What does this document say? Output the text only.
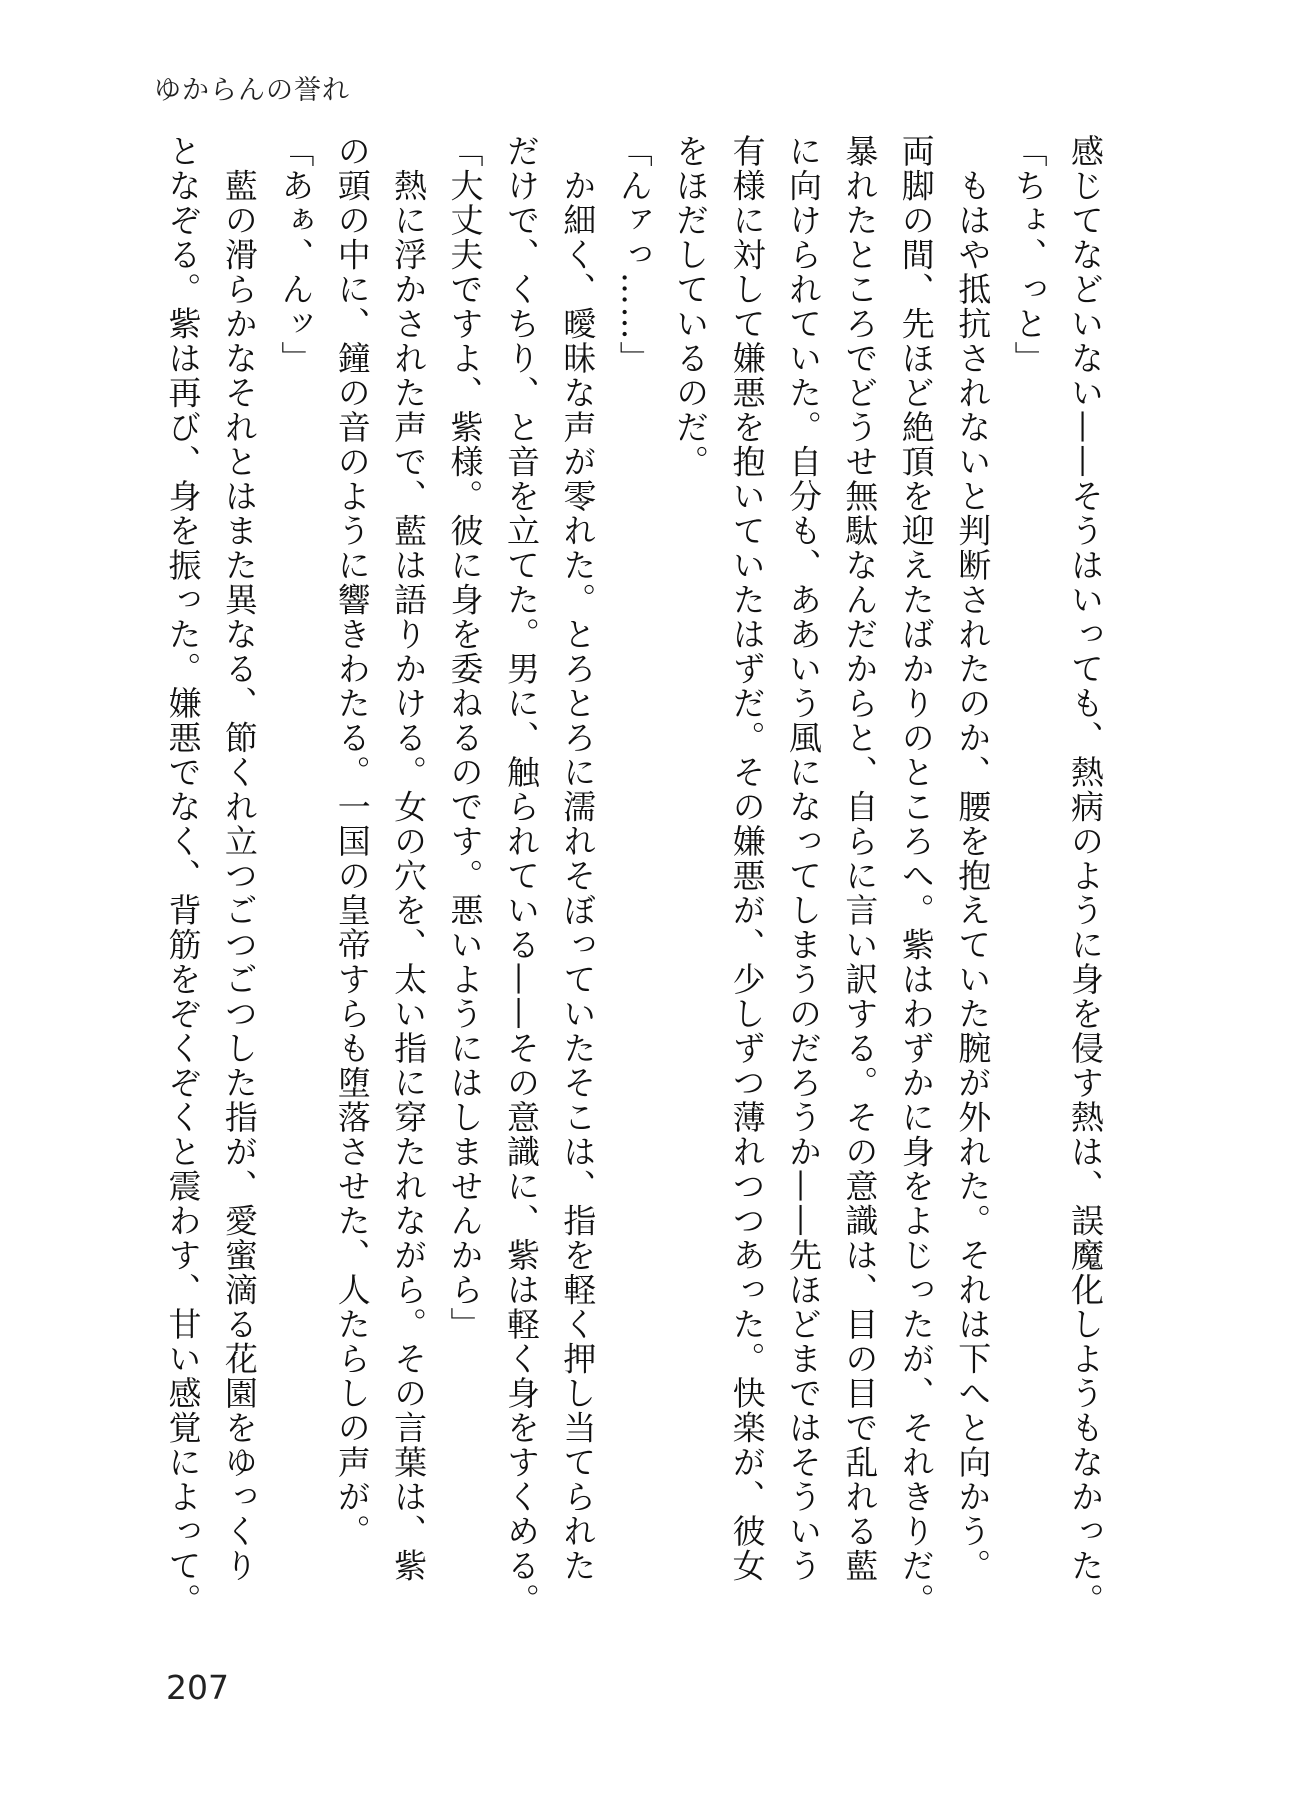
ゆからんの誉れ
感じてなどいない——そうはいっても、熱病のように身を侵す熱は、誤魔化しようもなかった。
「ちょ、っと」
　もはや抵抗されないと判断されたのか、腰を抱えていた腕が外れた。それは下へと向かう。
両脚の間、先ほど絶頂を迎えたばかりのところへ。紫はわずかに身をよじったが、それきりだ。
暴れたところでどうせ無駄なんだからと、自らに言い訳する。その意識は、目の目で乱れる藍
に向けられていた。自分も、ああいう風になってしまうのだろうか——先ほどまではそういう
有様に対して嫌悪を抱いていたはずだ。その嫌悪が、少しずつ薄れつつあった。快楽が、彼女
をほだしているのだ。
「んァっ……」
　か細く、曖昧な声が零れた。とろとろに濡れそぼっていたそこは、指を軽く押し当てられた
だけで、くちり、と音を立てた。男に、触られている——その意識に、紫は軽く身をすくめる。
「大丈夫ですよ、紫様。彼に身を委ねるのです。悪いようにはしませんから」
　熱に浮かされた声で、藍は語りかける。女の穴を、太い指に穿たれながら。その言葉は、紫
の頭の中に、鐘の音のように響きわたる。一国の皇帝すらも堕落させた、人たらしの声が。
「あぁ、んッ」
　藍の滑らかなそれとはまた異なる、節くれ立つごつごつした指が、愛蜜滴る花園をゆっくり
となぞる。紫は再び、身を振った。嫌悪でなく、背筋をぞくぞくと震わす、甘い感覚によって。
207
